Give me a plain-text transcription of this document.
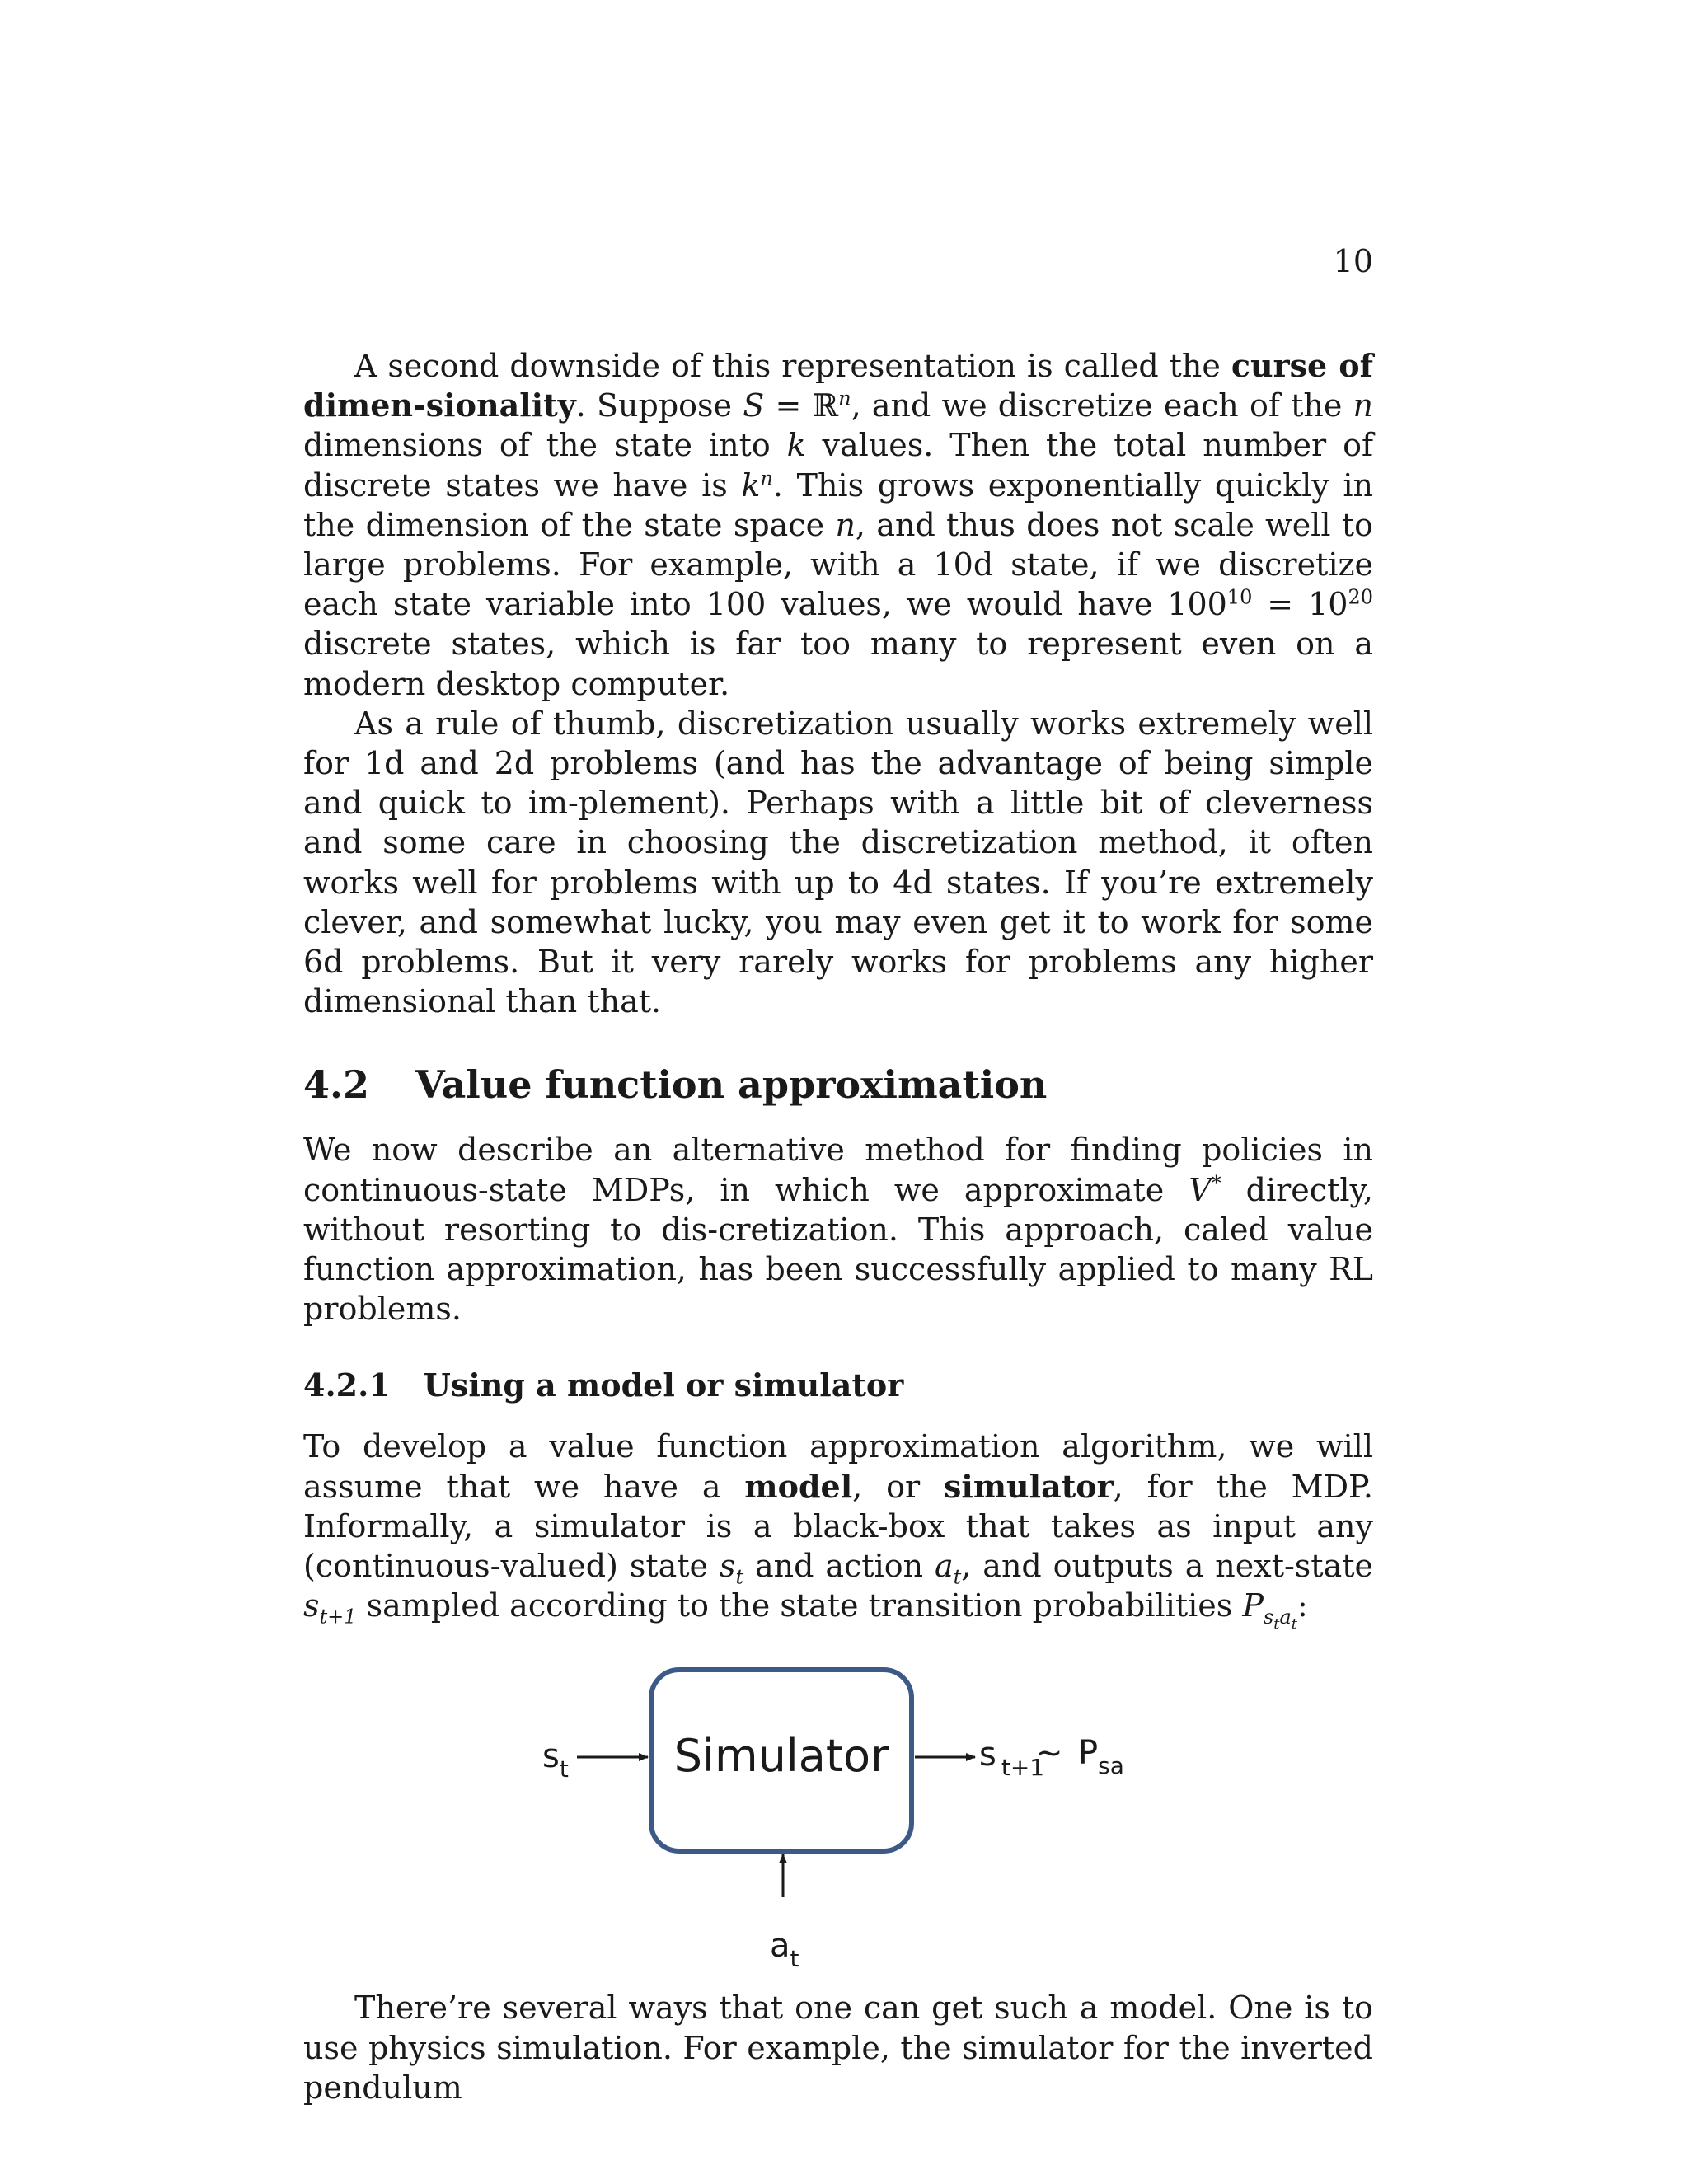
10

A second downside of this representation is called the curse of dimen-sionality. Suppose S = ℝ$^n$, and we discretize each of the n dimensions of the state into k values. Then the total number of discrete states we have is $k^n$. This grows exponentially quickly in the dimension of the state space n, and thus does not scale well to large problems. For example, with a 10d state, if we discretize each state variable into 100 values, we would have $100^{10} = 10^{20}$ discrete states, which is far too many to represent even on a modern desktop computer.

As a rule of thumb, discretization usually works extremely well for 1d and 2d problems (and has the advantage of being simple and quick to im-plement). Perhaps with a little bit of cleverness and some care in choosing the discretization method, it often works well for problems with up to 4d states. If you’re extremely clever, and somewhat lucky, you may even get it to work for some 6d problems. But it very rarely works for problems any higher dimensional than that.

4.2 Value function approximation

We now describe an alternative method for finding policies in continuous-state MDPs, in which we approximate V* directly, without resorting to dis-cretization. This approach, caled value function approximation, has been successfully applied to many RL problems.

4.2.1 Using a model or simulator

To develop a value function approximation algorithm, we will assume that we have a model, or simulator, for the MDP. Informally, a simulator is a black-box that takes as input any (continuous-valued) state $s_t$ and action $a_t$, and outputs a next-state $s_{t+1}$ sampled according to the state transition probabilities $P_{s_ta_t}$:

Simulator
$s_t$	s $_{t+1}$
~ $P_{sa}$
$a_t$

There’re several ways that one can get such a model. One is to use physics simulation. For example, the simulator for the inverted pendulum
